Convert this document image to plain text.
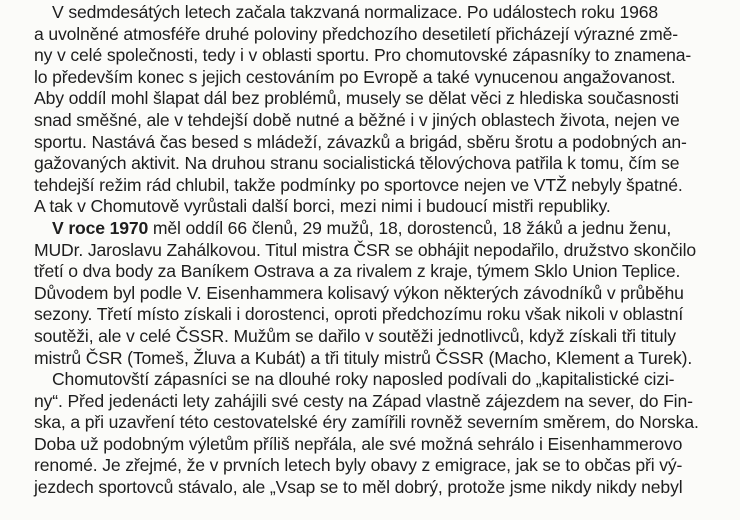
V sedmdesátých letech začala takzvaná normalizace. Po událostech roku 1968
a uvolněné atmosféře druhé poloviny předchozího desetiletí přicházejí výrazné změ-
ny v celé společnosti, tedy i v oblasti sportu. Pro chomutovské zápasníky to znamena-
lo především konec s jejich cestováním po Evropě a také vynucenou angažovanost.
Aby oddíl mohl šlapat dál bez problémů, musely se dělat věci z hlediska současnosti
snad směšné, ale v tehdejší době nutné a běžné i v jiných oblastech života, nejen ve
sportu. Nastává čas besed s mládeží, závazků a brigád, sběru šrotu a podobných an-
gažovaných aktivit. Na druhou stranu socialistická tělovýchova patřila k tomu, čím se
tehdejší režim rád chlubil, takže podmínky po sportovce nejen ve VTŽ nebyly špatné.
A tak v Chomutově vyrůstali další borci, mezi nimi i budoucí mistři republiky.

V roce 1970 měl oddíl 66 členů, 29 mužů, 18, dorostenců, 18 žáků a jednu ženu,
MUDr. Jaroslavu Zahálkovou. Titul mistra ČSR se obhájit nepodařilo, družstvo skončilo
třetí o dva body za Baníkem Ostrava a za rivalem z kraje, týmem Sklo Union Teplice.
Důvodem byl podle V. Eisenhammera kolisavý výkon některých závodníků v průběhu
sezony. Třetí místo získali i dorostenci, oproti předchozímu roku však nikoli v oblastní
soutěži, ale v celé ČSSR. Mužům se dařilo v soutěži jednotlivců, když získali tři tituly
mistrů ČSR (Tomeš, Žluva a Kubát) a tři tituly mistrů ČSSR (Macho, Klement a Turek).

Chomutovští zápasníci se na dlouhé roky naposled podívali do „kapitalistické cizi-
ny“. Před jedenácti lety zahájili své cesty na Západ vlastně zájezdem na sever, do Fin-
ska, a při uzavření této cestovatelské éry zamířili rovněž severním směrem, do Norska.
Doba už podobným výletům příliš nepřála, ale své možná sehrálo i Eisenhammerovo
renomé. Je zřejmé, že v prvních letech byly obavy z emigrace, jak se to občas při vý-
jezdech sportovců stávalo, ale „Vsap se to měl dobrý, protože jsme nikdy nikdy nebyl
